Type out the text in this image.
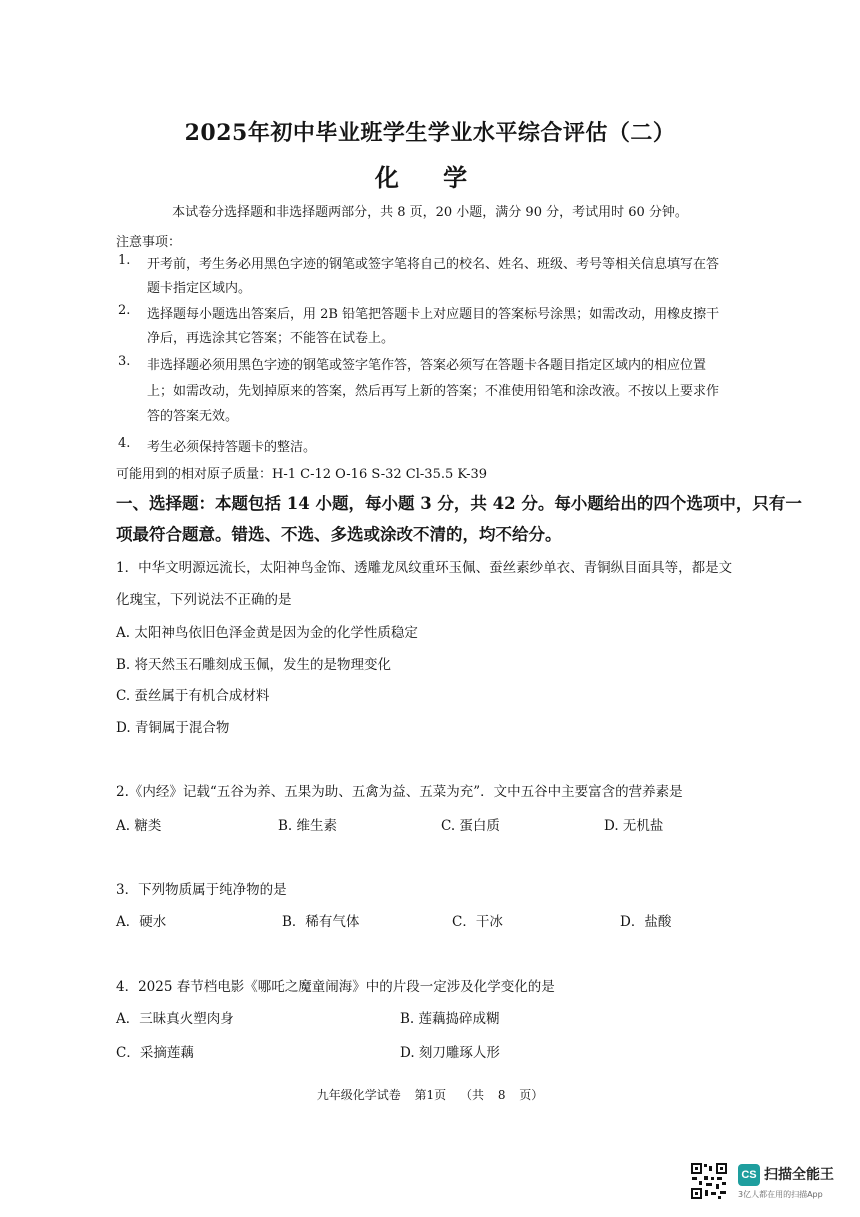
2025年初中毕业班学生学业水平综合评估（二）
化 学
本试卷分选择题和非选择题两部分，共 8 页，20 小题，满分 90 分，考试用时 60 分钟。
注意事项：
1. 开考前，考生务必用黑色字迹的钢笔或签字笔将自己的校名、姓名、班级、考号等相关信息填写在答
题卡指定区域内。
2. 选择题每小题选出答案后，用 2B 铅笔把答题卡上对应题目的答案标号涂黑；如需改动，用橡皮擦干
净后，再选涂其它答案；不能答在试卷上。
3. 非选择题必须用黑色字迹的钢笔或签字笔作答，答案必须写在答题卡各题目指定区域内的相应位置
上；如需改动，先划掉原来的答案，然后再写上新的答案；不准使用铅笔和涂改液。不按以上要求作
答的答案无效。
4. 考生必须保持答题卡的整洁。
可能用到的相对原子质量：H-1 C-12 O-16 S-32 Cl-35.5 K-39
一、选择题：本题包括 14 小题，每小题 3 分，共 42 分。每小题给出的四个选项中，只有一
项最符合题意。错选、不选、多选或涂改不清的，均不给分。
1．中华文明源远流长，太阳神鸟金饰、透雕龙凤纹重环玉佩、蚕丝素纱单衣、青铜纵目面具等，都是文
化瑰宝，下列说法不正确的是
A. 太阳神鸟依旧色泽金黄是因为金的化学性质稳定
B. 将天然玉石雕刻成玉佩，发生的是物理变化
C. 蚕丝属于有机合成材料
D. 青铜属于混合物
2.《内经》记载“五谷为养、五果为助、五禽为益、五菜为充”．文中五谷中主要富含的营养素是
A. 糖类	B. 维生素	C. 蛋白质	D. 无机盐
3．下列物质属于纯净物的是
A．硬水	B．稀有气体	C．干冰	D．盐酸
4．2025 春节档电影《哪吒之魔童闹海》中的片段一定涉及化学变化的是
A．三昧真火塑肉身	B. 莲藕捣碎成糊
C．采摘莲藕	D. 刻刀雕琢人形
九年级化学试卷 第1页 （共 8 页）
CS 扫描全能王
3亿人都在用的扫描App
